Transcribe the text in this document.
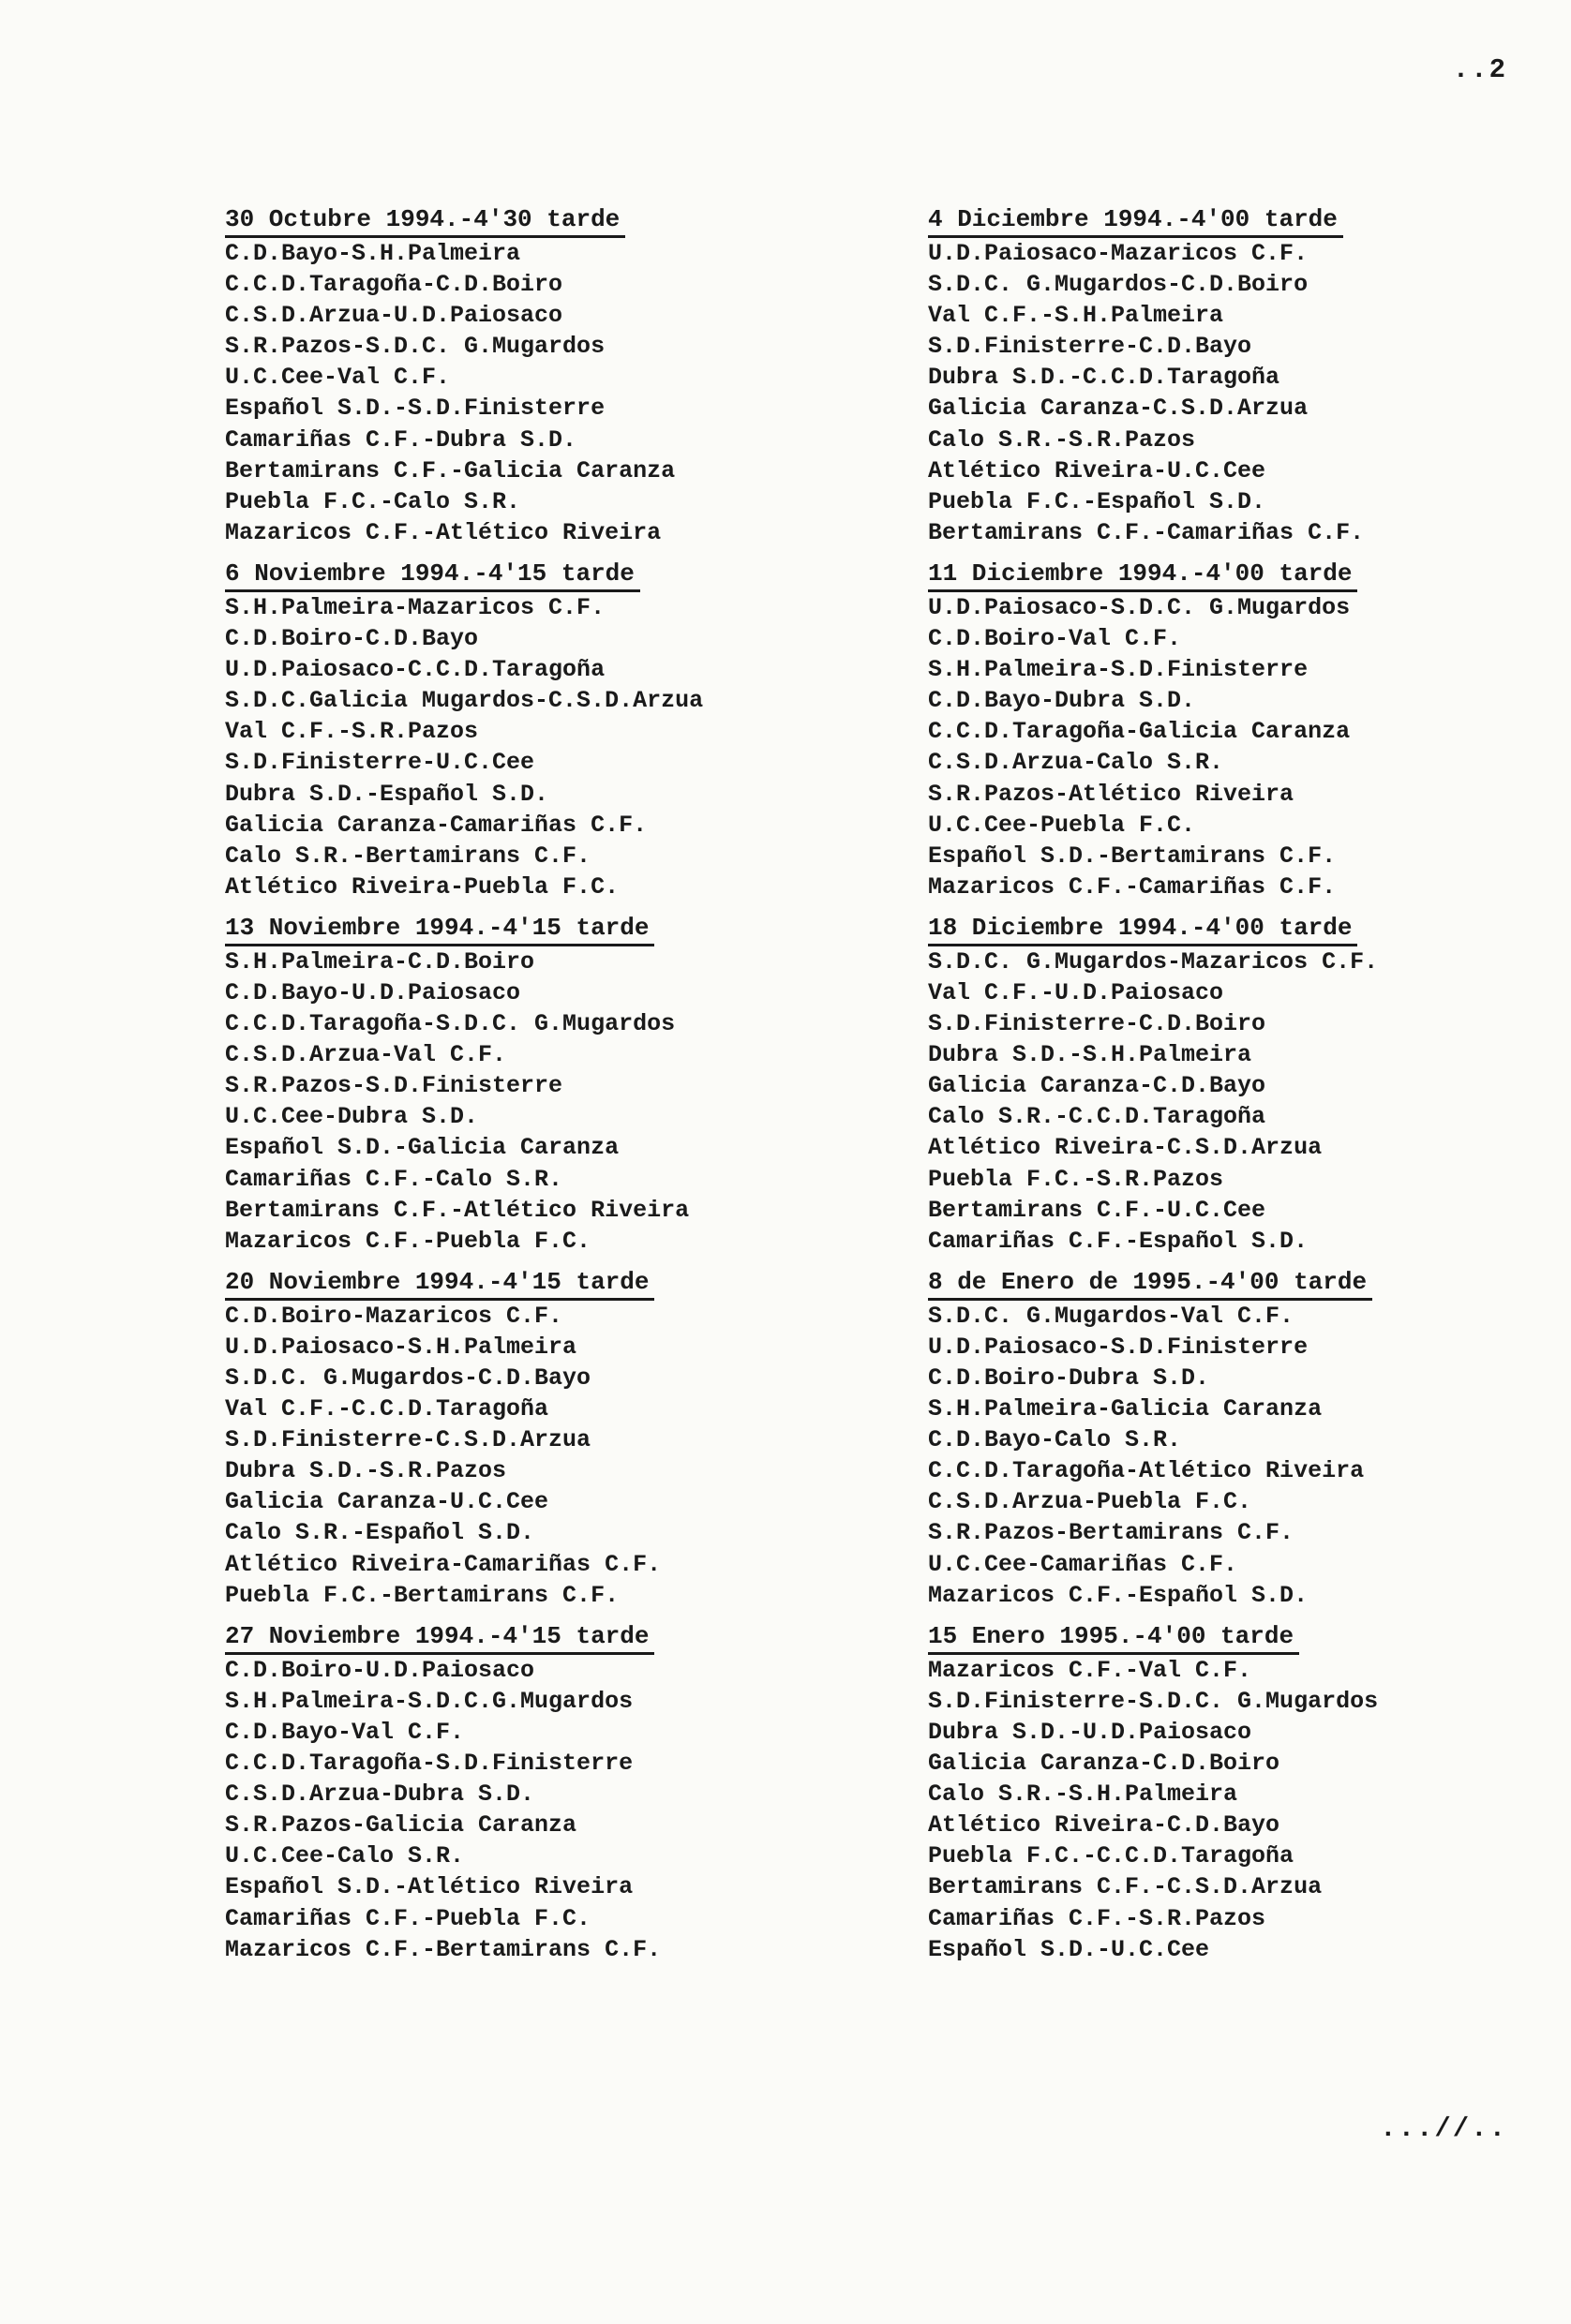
..2
30 Octubre 1994.-4'30 tarde
C.D.Bayo-S.H.Palmeira
C.C.D.Taragoña-C.D.Boiro
C.S.D.Arzua-U.D.Paiosaco
S.R.Pazos-S.D.C. G.Mugardos
U.C.Cee-Val C.F.
Español S.D.-S.D.Finisterre
Camariñas C.F.-Dubra S.D.
Bertamirans C.F.-Galicia Caranza
Puebla F.C.-Calo S.R.
Mazaricos C.F.-Atlético Riveira
6 Noviembre 1994.-4'15 tarde
S.H.Palmeira-Mazaricos C.F.
C.D.Boiro-C.D.Bayo
U.D.Paiosaco-C.C.D.Taragoña
S.D.C.Galicia Mugardos-C.S.D.Arzua
Val C.F.-S.R.Pazos
S.D.Finisterre-U.C.Cee
Dubra S.D.-Español S.D.
Galicia Caranza-Camariñas C.F.
Calo S.R.-Bertamirans C.F.
Atlético Riveira-Puebla F.C.
13 Noviembre 1994.-4'15 tarde
S.H.Palmeira-C.D.Boiro
C.D.Bayo-U.D.Paiosaco
C.C.D.Taragoña-S.D.C. G.Mugardos
C.S.D.Arzua-Val C.F.
S.R.Pazos-S.D.Finisterre
U.C.Cee-Dubra S.D.
Español S.D.-Galicia Caranza
Camariñas C.F.-Calo S.R.
Bertamirans C.F.-Atlético Riveira
Mazaricos C.F.-Puebla F.C.
20 Noviembre 1994.-4'15 tarde
C.D.Boiro-Mazaricos C.F.
U.D.Paiosaco-S.H.Palmeira
S.D.C. G.Mugardos-C.D.Bayo
Val C.F.-C.C.D.Taragoña
S.D.Finisterre-C.S.D.Arzua
Dubra S.D.-S.R.Pazos
Galicia Caranza-U.C.Cee
Calo S.R.-Español S.D.
Atlético Riveira-Camariñas C.F.
Puebla F.C.-Bertamirans C.F.
27 Noviembre 1994.-4'15 tarde
C.D.Boiro-U.D.Paiosaco
S.H.Palmeira-S.D.C.G.Mugardos
C.D.Bayo-Val C.F.
C.C.D.Taragoña-S.D.Finisterre
C.S.D.Arzua-Dubra S.D.
S.R.Pazos-Galicia Caranza
U.C.Cee-Calo S.R.
Español S.D.-Atlético Riveira
Camariñas C.F.-Puebla F.C.
Mazaricos C.F.-Bertamirans C.F.
4 Diciembre 1994.-4'00 tarde
U.D.Paiosaco-Mazaricos C.F.
S.D.C. G.Mugardos-C.D.Boiro
Val C.F.-S.H.Palmeira
S.D.Finisterre-C.D.Bayo
Dubra S.D.-C.C.D.Taragoña
Galicia Caranza-C.S.D.Arzua
Calo S.R.-S.R.Pazos
Atlético Riveira-U.C.Cee
Puebla F.C.-Español S.D.
Bertamirans C.F.-Camariñas C.F.
11 Diciembre 1994.-4'00 tarde
U.D.Paiosaco-S.D.C. G.Mugardos
C.D.Boiro-Val C.F.
S.H.Palmeira-S.D.Finisterre
C.D.Bayo-Dubra S.D.
C.C.D.Taragoña-Galicia Caranza
C.S.D.Arzua-Calo S.R.
S.R.Pazos-Atlético Riveira
U.C.Cee-Puebla F.C.
Español S.D.-Bertamirans C.F.
Mazaricos C.F.-Camariñas C.F.
18 Diciembre 1994.-4'00 tarde
S.D.C. G.Mugardos-Mazaricos C.F.
Val C.F.-U.D.Paiosaco
S.D.Finisterre-C.D.Boiro
Dubra S.D.-S.H.Palmeira
Galicia Caranza-C.D.Bayo
Calo S.R.-C.C.D.Taragoña
Atlético Riveira-C.S.D.Arzua
Puebla F.C.-S.R.Pazos
Bertamirans C.F.-U.C.Cee
Camariñas C.F.-Español S.D.
8 de Enero de 1995.-4'00 tarde
S.D.C. G.Mugardos-Val C.F.
U.D.Paiosaco-S.D.Finisterre
C.D.Boiro-Dubra S.D.
S.H.Palmeira-Galicia Caranza
C.D.Bayo-Calo S.R.
C.C.D.Taragoña-Atlético Riveira
C.S.D.Arzua-Puebla F.C.
S.R.Pazos-Bertamirans C.F.
U.C.Cee-Camariñas C.F.
Mazaricos C.F.-Español S.D.
15 Enero 1995.-4'00 tarde
Mazaricos C.F.-Val C.F.
S.D.Finisterre-S.D.C. G.Mugardos
Dubra S.D.-U.D.Paiosaco
Galicia Caranza-C.D.Boiro
Calo S.R.-S.H.Palmeira
Atlético Riveira-C.D.Bayo
Puebla F.C.-C.C.D.Taragoña
Bertamirans C.F.-C.S.D.Arzua
Camariñas C.F.-S.R.Pazos
Español S.D.-U.C.Cee
...//..
